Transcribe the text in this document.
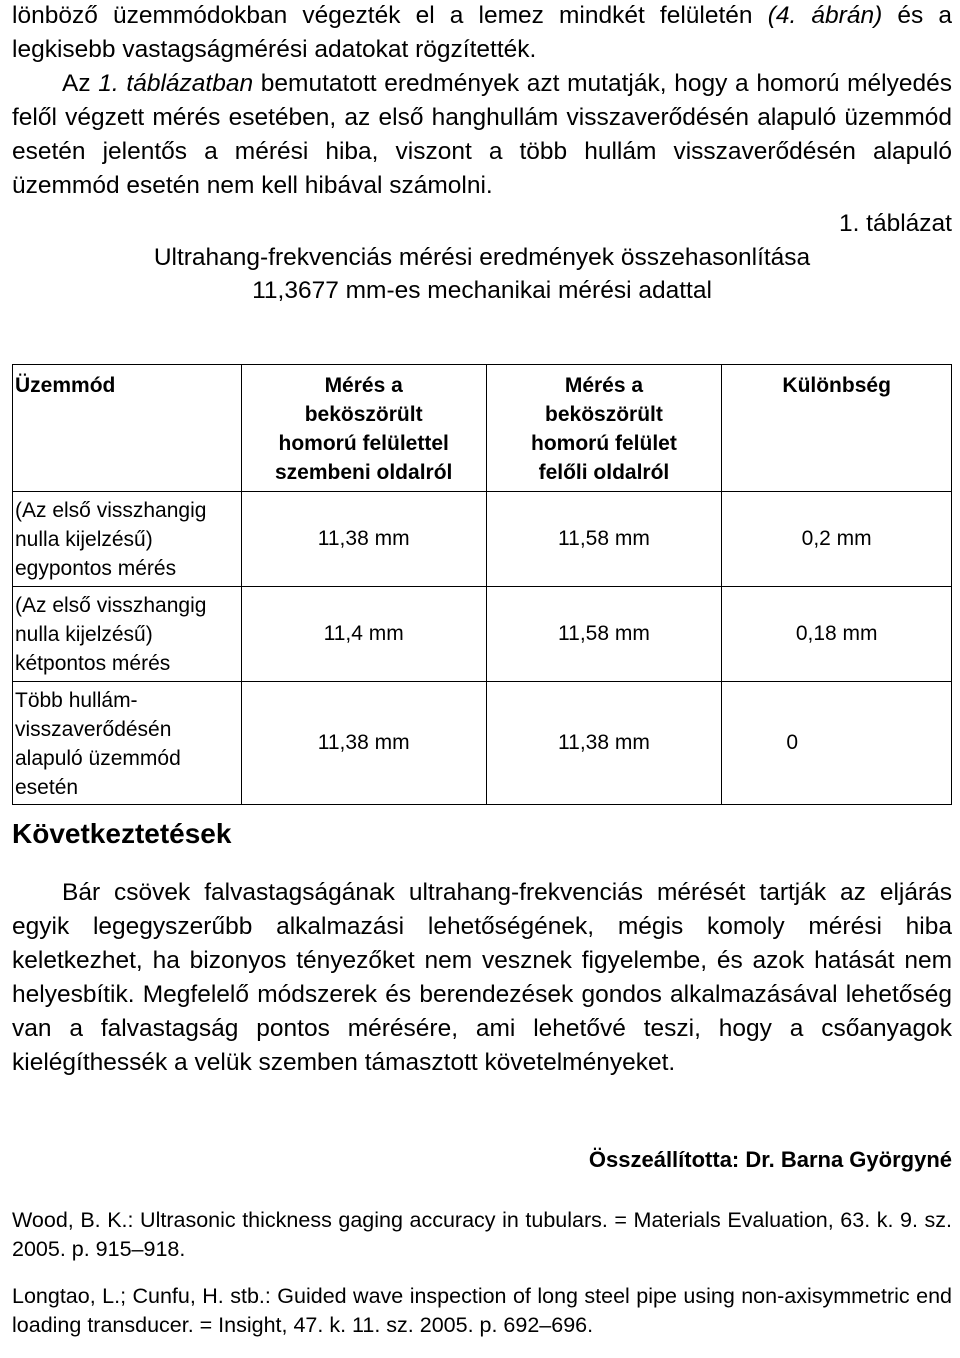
lönböző üzemmódokban végezték el a lemez mindkét felületén (4. ábrán) és a legkisebb vastagságmérési adatokat rögzítették.

Az 1. táblázatban bemutatott eredmények azt mutatják, hogy a homorú mélyedés felől végzett mérés esetében, az első hanghullám visszaverődésén alapuló üzemmód esetén jelentős a mérési hiba, viszont a több hullám visszaverődésén alapuló üzemmód esetén nem kell hibával számolni.

1. táblázat

Ultrahang-frekvenciás mérési eredmények összehasonlítása

11,3677 mm-es mechanikai mérési adattal

Üzemmód	Mérés a beköszörült homorú felülettel szembeni oldalról	Mérés a beköszörült homorú felület felőli oldalról	Különbség
(Az első visszhangig nulla kijelzésű) egypontos mérés	11,38 mm	11,58 mm	0,2 mm
(Az első visszhangig nulla kijelzésű) kétpontos mérés	11,4 mm	11,58 mm	0,18 mm
Több hullám-visszaverődésén alapuló üzemmód esetén	11,38 mm	11,38 mm	0
Következtetések

Bár csövek falvastagságának ultrahang-frekvenciás mérését tartják az eljárás egyik legegyszerűbb alkalmazási lehetőségének, mégis komoly mérési hiba keletkezhet, ha bizonyos tényezőket nem vesznek figyelembe, és azok hatását nem helyesbítik. Megfelelő módszerek és berendezések gondos alkalmazásával lehetőség van a falvastagság pontos mérésére, ami lehetővé teszi, hogy a csőanyagok kielégíthessék a velük szemben támasztott követelményeket.

Összeállította: Dr. Barna Györgyné

Wood, B. K.: Ultrasonic thickness gaging accuracy in tubulars. = Materials Evaluation, 63. k. 9. sz. 2005. p. 915–918.

Longtao, L.; Cunfu, H. stb.: Guided wave inspection of long steel pipe using non-axisymmetric end loading transducer. = Insight, 47. k. 11. sz. 2005. p. 692–696.
